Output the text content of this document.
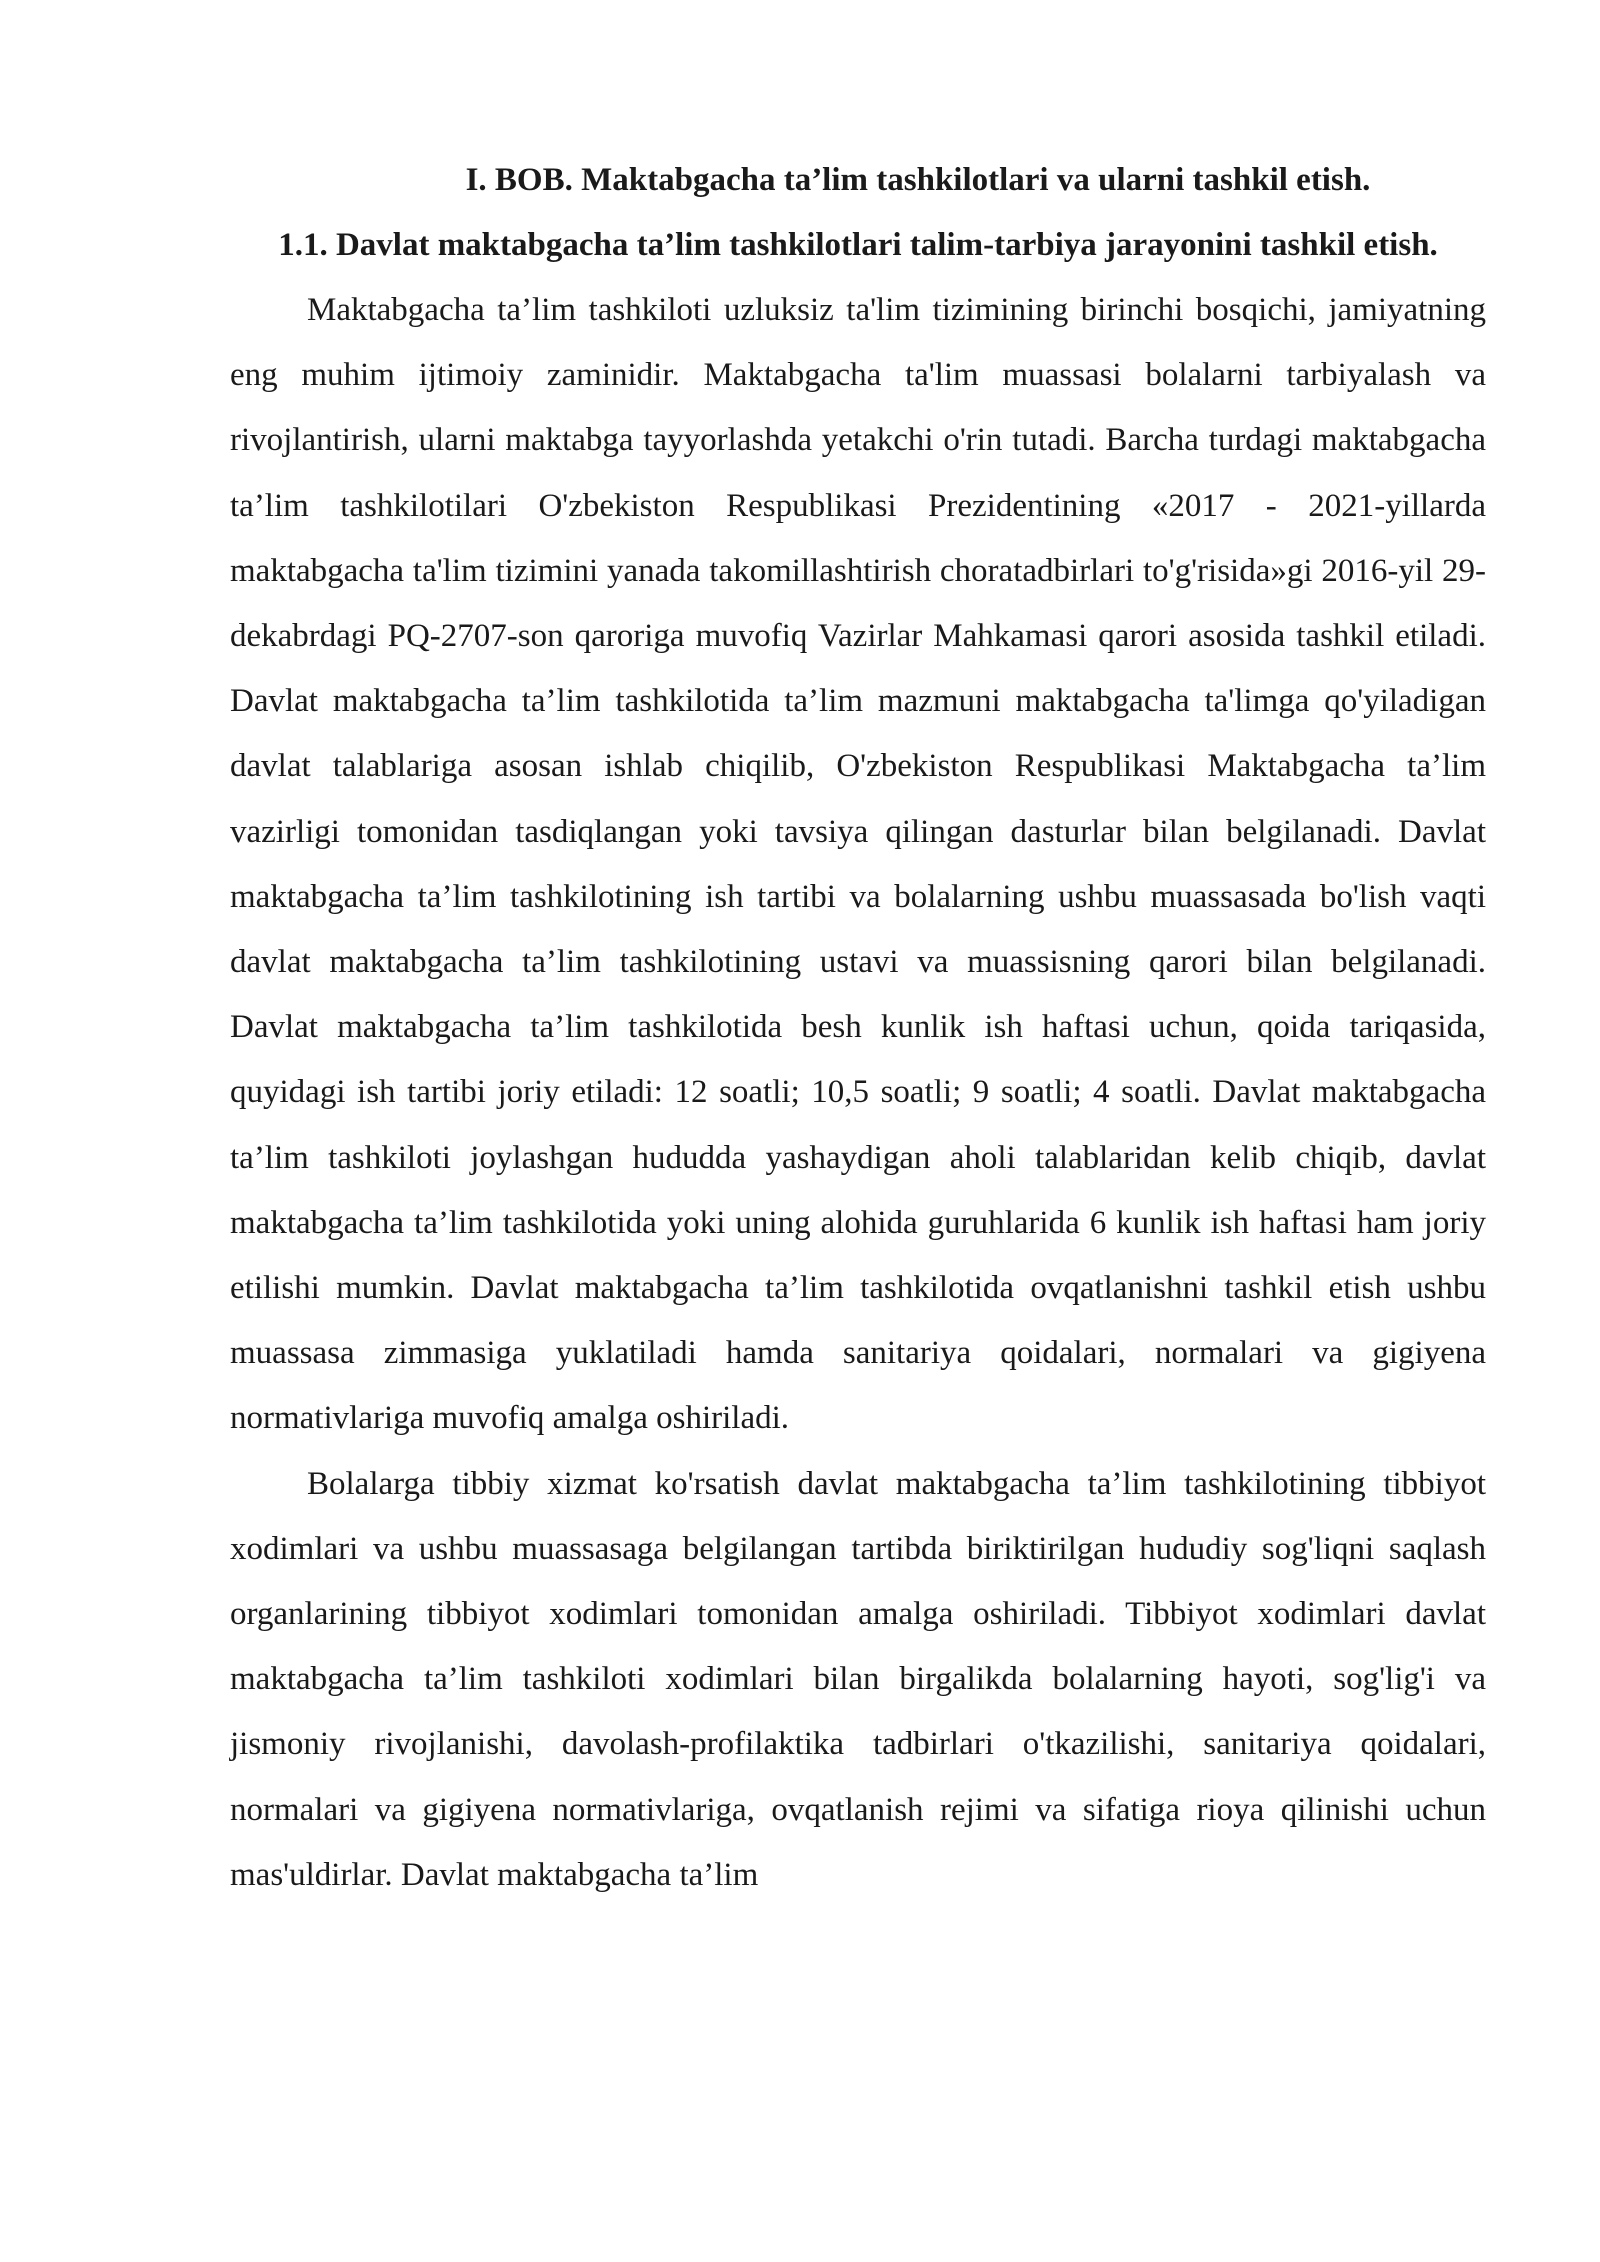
I. BOB. Maktabgacha ta’lim tashkilotlari va ularni tashkil etish.
1.1. Davlat maktabgacha ta’lim tashkilotlari talim-tarbiya jarayonini tashkil etish.

Maktabgacha ta’lim tashkiloti uzluksiz ta'lim tizimining birinchi bosqichi, jamiyatning eng muhim ijtimoiy zaminidir. Maktabgacha ta'lim muassasi bolalarni tarbiyalash va rivojlantirish, ularni maktabga tayyorlashda yetakchi o'rin tutadi. Barcha turdagi maktabgacha ta’lim tashkilotilari O'zbekiston Respublikasi Prezidentining «2017 - 2021-yillarda maktabgacha ta'lim tizimini yanada takomillashtirish choratadbirlari to'g'risida»gi 2016-yil 29-dekabrdagi PQ-2707-son qaroriga muvofiq Vazirlar Mahkamasi qarori asosida tashkil etiladi. Davlat maktabgacha ta’lim tashkilotida ta’lim mazmuni maktabgacha ta'limga qo'yiladigan davlat talablariga asosan ishlab chiqilib, O'zbekiston Respublikasi Maktabgacha ta’lim vazirligi tomonidan tasdiqlangan yoki tavsiya qilingan dasturlar bilan belgilanadi. Davlat maktabgacha ta’lim tashkilotining ish tartibi va bolalarning ushbu muassasada bo'lish vaqti davlat maktabgacha ta’lim tashkilotining ustavi va muassisning qarori bilan belgilanadi. Davlat maktabgacha ta’lim tashkilotida besh kunlik ish haftasi uchun, qoida tariqasida, quyidagi ish tartibi joriy etiladi: 12 soatli; 10,5 soatli; 9 soatli; 4 soatli. Davlat maktabgacha ta’lim tashkiloti joylashgan hududda yashaydigan aholi talablaridan kelib chiqib, davlat maktabgacha ta’lim tashkilotida yoki uning alohida guruhlarida 6 kunlik ish haftasi ham joriy etilishi mumkin. Davlat maktabgacha ta’lim tashkilotida ovqatlanishni tashkil etish ushbu muassasa zimmasiga yuklatiladi hamda sanitariya qoidalari, normalari va gigiyena normativlariga muvofiq amalga oshiriladi.

Bolalarga tibbiy xizmat ko'rsatish davlat maktabgacha ta’lim tashkilotining tibbiyot xodimlari va ushbu muassasaga belgilangan tartibda biriktirilgan hududiy sog'liqni saqlash organlarining tibbiyot xodimlari tomonidan amalga oshiriladi. Tibbiyot xodimlari davlat maktabgacha ta’lim tashkiloti xodimlari bilan birgalikda bolalarning hayoti, sog'lig'i va jismoniy rivojlanishi, davolash-profilaktika tadbirlari o'tkazilishi, sanitariya qoidalari, normalari va gigiyena normativlariga, ovqatlanish rejimi va sifatiga rioya qilinishi uchun mas'uldirlar. Davlat maktabgacha ta’lim
